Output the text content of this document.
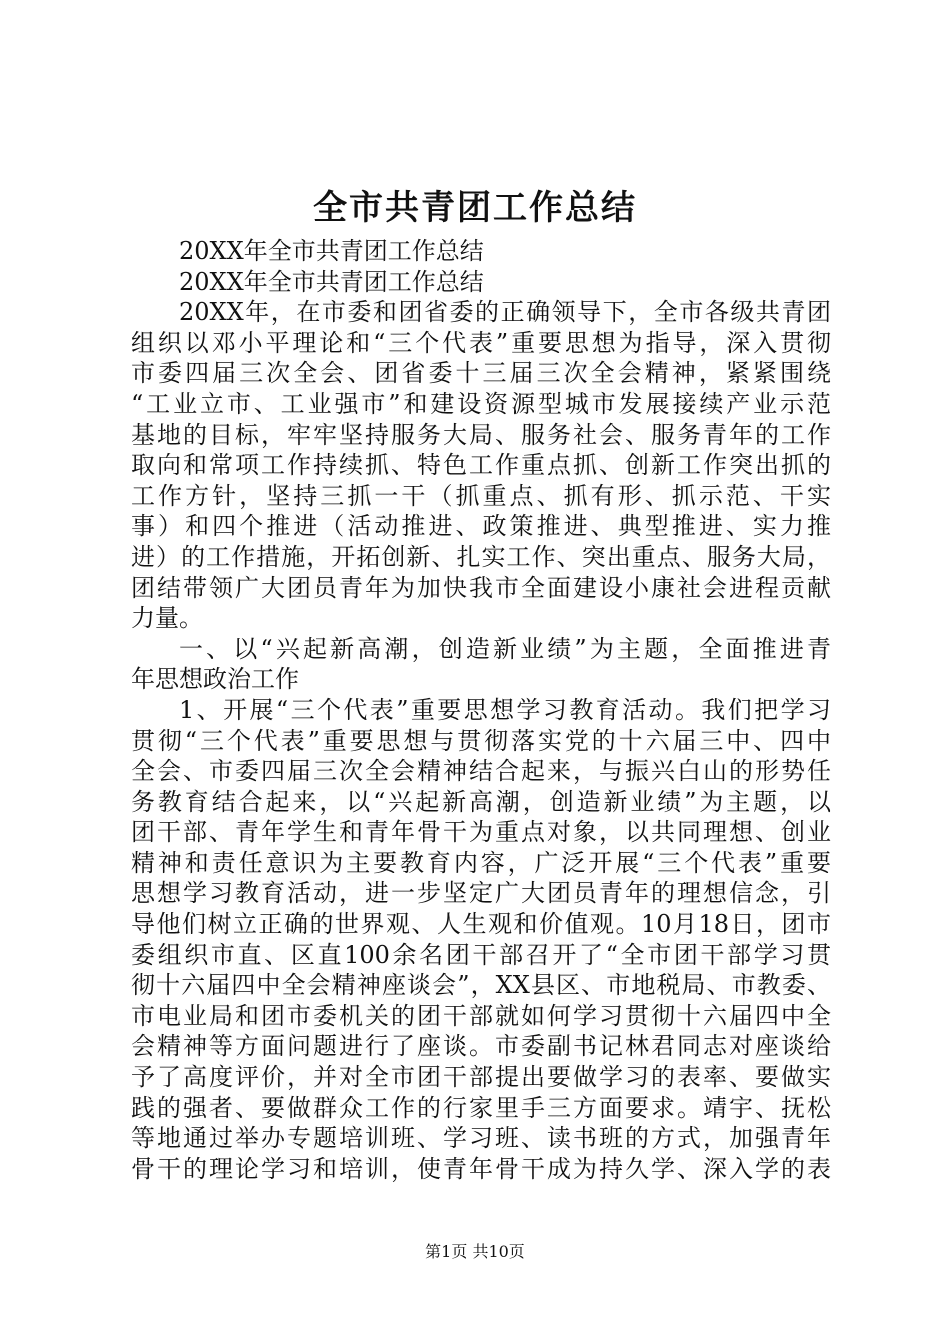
全市共青团工作总结
20XX年全市共青团工作总结
20XX年全市共青团工作总结
20XX年，在市委和团省委的正确领导下，全市各级共青团
组织以邓小平理论和“三个代表”重要思想为指导，深入贯彻
市委四届三次全会、团省委十三届三次全会精神，紧紧围绕
“工业立市、工业强市”和建设资源型城市发展接续产业示范
基地的目标，牢牢坚持服务大局、服务社会、服务青年的工作
取向和常项工作持续抓、特色工作重点抓、创新工作突出抓的
工作方针，坚持三抓一干（抓重点、抓有形、抓示范、干实
事）和四个推进（活动推进、政策推进、典型推进、实力推
进）的工作措施，开拓创新、扎实工作、突出重点、服务大局，
团结带领广大团员青年为加快我市全面建设小康社会进程贡献
力量。
一、以“兴起新高潮，创造新业绩”为主题，全面推进青
年思想政治工作
1、开展“三个代表”重要思想学习教育活动。我们把学习
贯彻“三个代表”重要思想与贯彻落实党的十六届三中、四中
全会、市委四届三次全会精神结合起来，与振兴白山的形势任
务教育结合起来，以“兴起新高潮，创造新业绩”为主题，以
团干部、青年学生和青年骨干为重点对象，以共同理想、创业
精神和责任意识为主要教育内容，广泛开展“三个代表”重要
思想学习教育活动，进一步坚定广大团员青年的理想信念，引
导他们树立正确的世界观、人生观和价值观。10月18日，团市
委组织市直、区直100余名团干部召开了“全市团干部学习贯
彻十六届四中全会精神座谈会”，XX县区、市地税局、市教委、
市电业局和团市委机关的团干部就如何学习贯彻十六届四中全
会精神等方面问题进行了座谈。市委副书记林君同志对座谈给
予了高度评价，并对全市团干部提出要做学习的表率、要做实
践的强者、要做群众工作的行家里手三方面要求。靖宇、抚松
等地通过举办专题培训班、学习班、读书班的方式，加强青年
骨干的理论学习和培训，使青年骨干成为持久学、深入学的表
第1页 共10页
